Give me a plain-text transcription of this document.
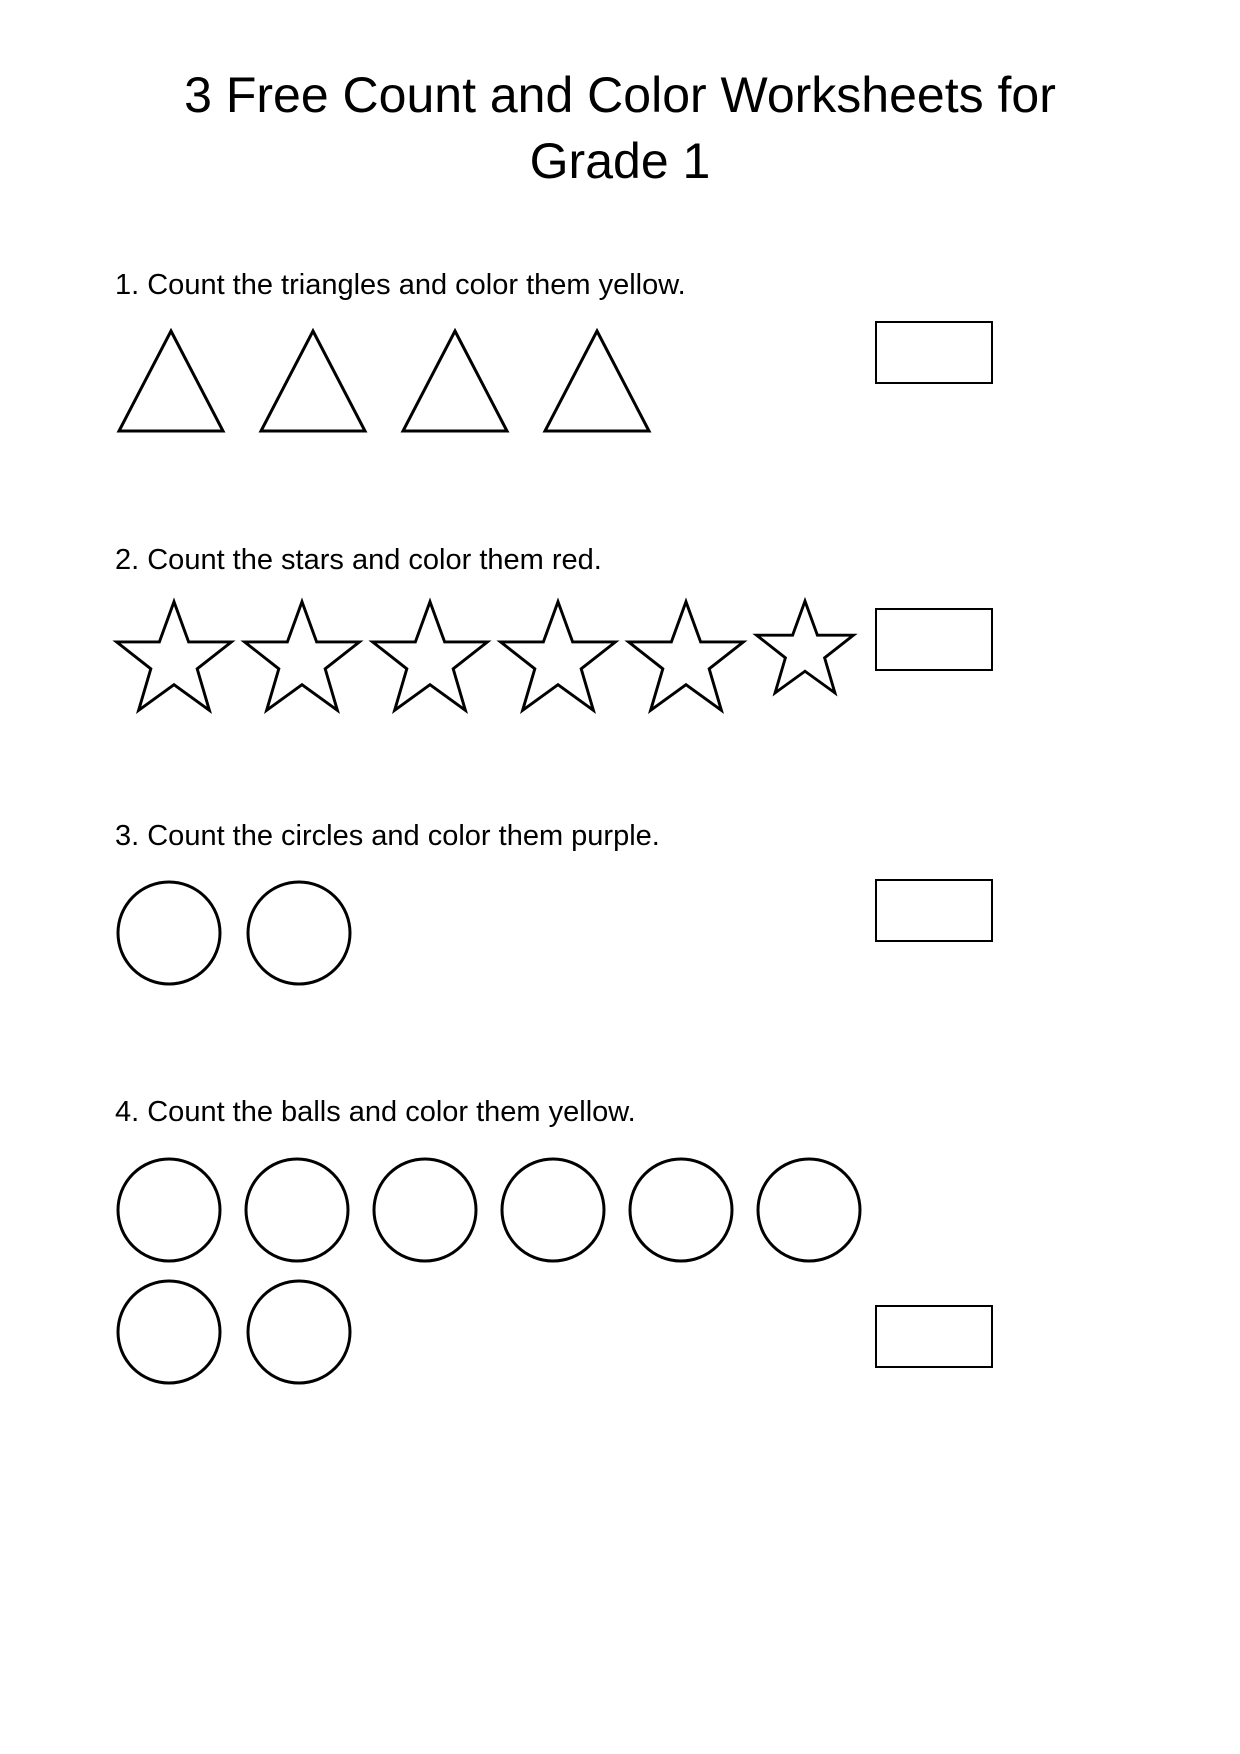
3 Free Count and Color Worksheets for Grade 1
1. Count the triangles and color them yellow.
2. Count the stars and color them red.
3. Count the circles and color them purple.
4. Count the balls and color them yellow.
